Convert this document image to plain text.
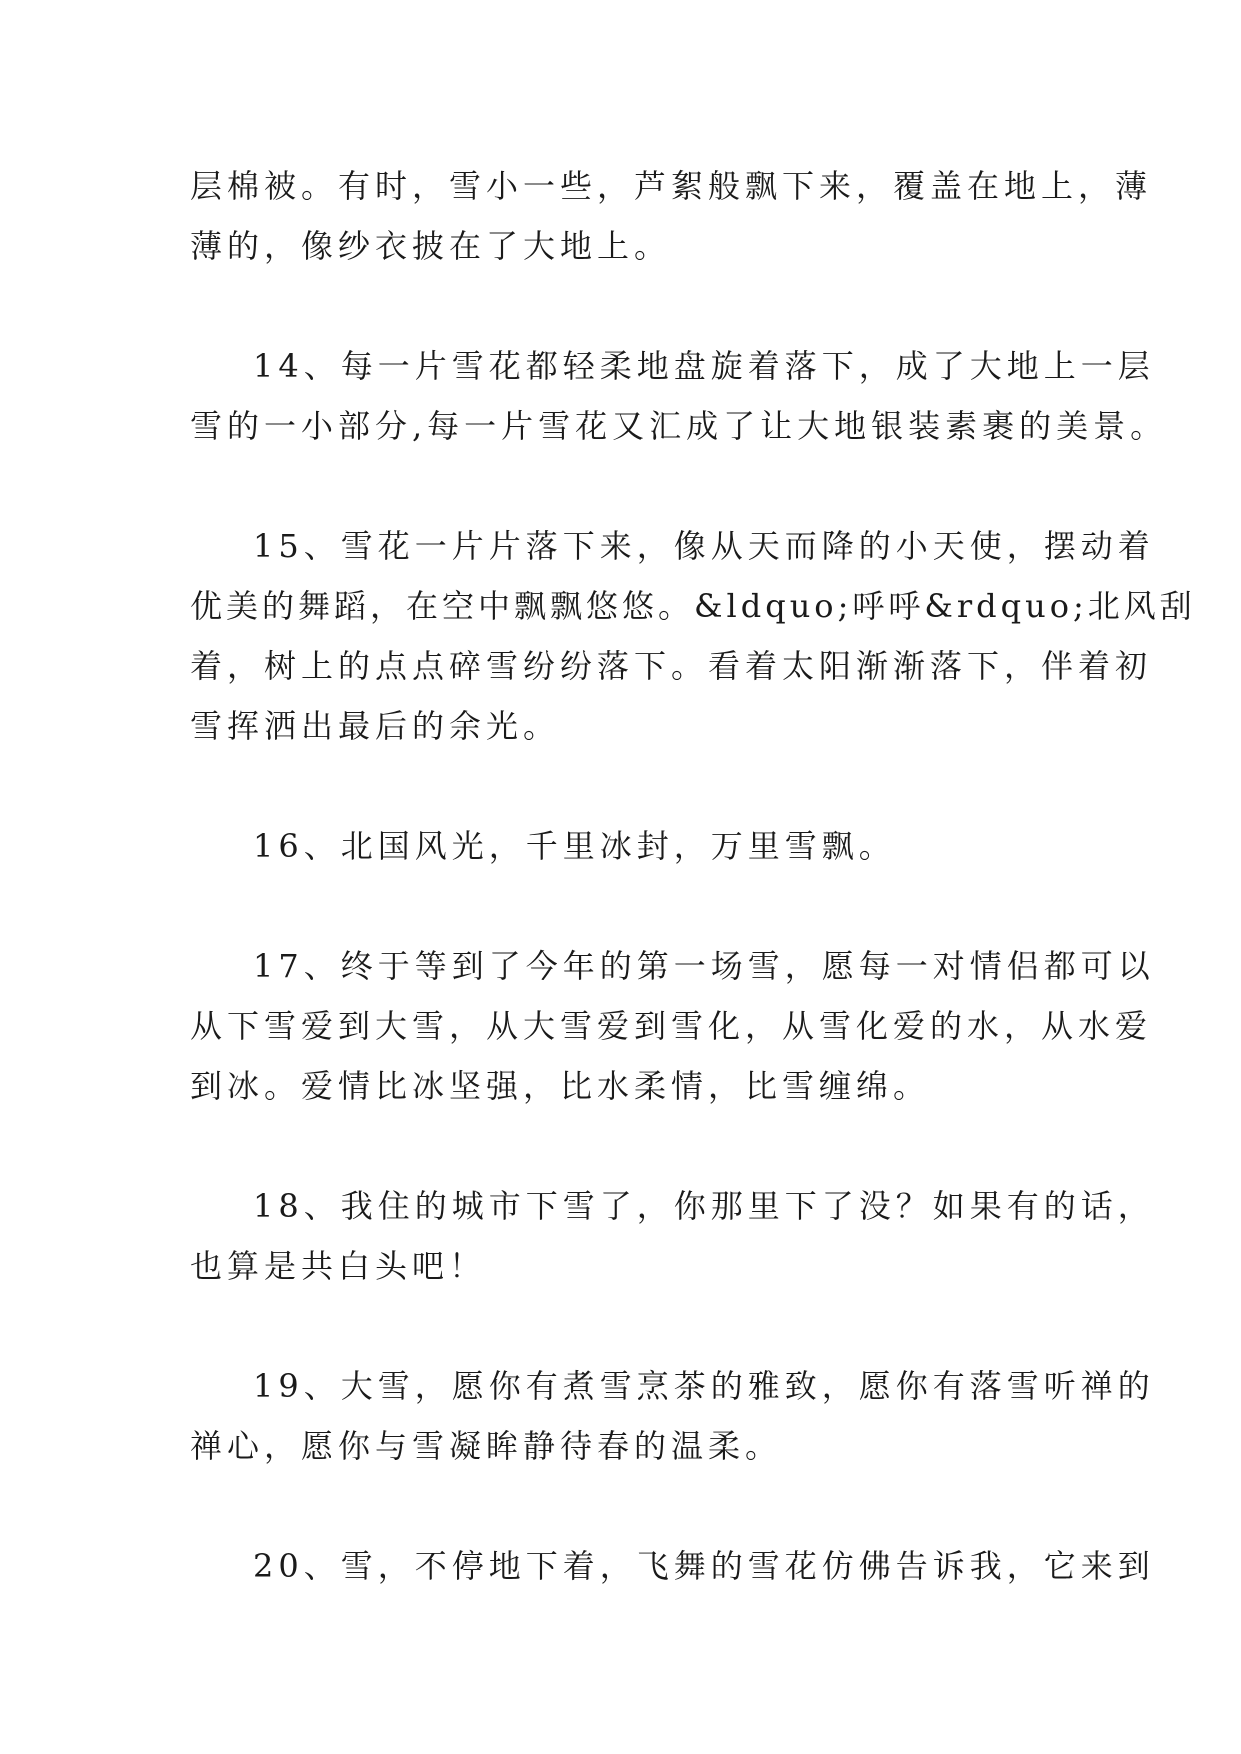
层棉被。有时，雪小一些，芦絮般飘下来，覆盖在地上，薄
薄的，像纱衣披在了大地上。
14、每一片雪花都轻柔地盘旋着落下，成了大地上一层
雪的一小部分,每一片雪花又汇成了让大地银装素裹的美景。
15、雪花一片片落下来，像从天而降的小天使，摆动着
优美的舞蹈，在空中飘飘悠悠。&ldquo;呼呼&rdquo;北风刮
着，树上的点点碎雪纷纷落下。看着太阳渐渐落下，伴着初
雪挥洒出最后的余光。
16、北国风光，千里冰封，万里雪飘。
17、终于等到了今年的第一场雪，愿每一对情侣都可以
从下雪爱到大雪，从大雪爱到雪化，从雪化爱的水，从水爱
到冰。爱情比冰坚强，比水柔情，比雪缠绵。
18、我住的城市下雪了，你那里下了没？如果有的话，
也算是共白头吧！
19、大雪，愿你有煮雪烹茶的雅致，愿你有落雪听禅的
禅心，愿你与雪凝眸静待春的温柔。
20、雪，不停地下着，飞舞的雪花仿佛告诉我，它来到
